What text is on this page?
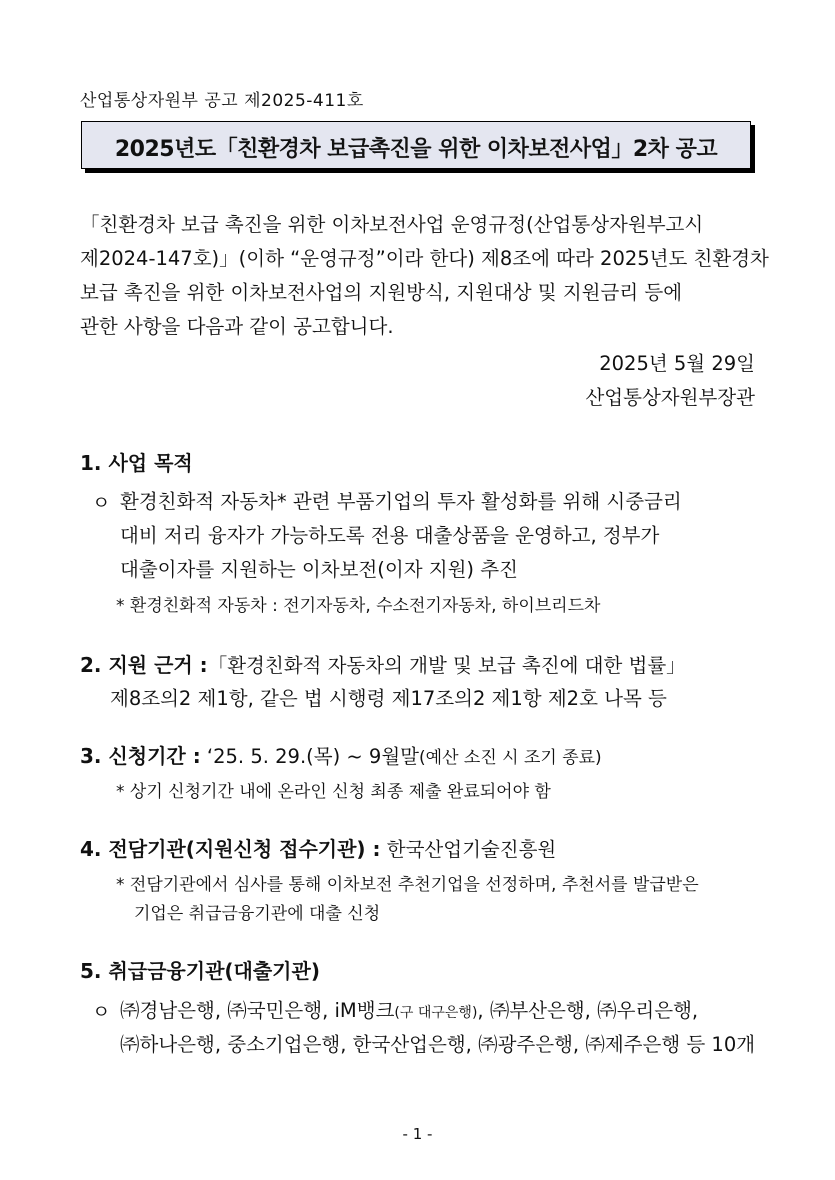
산업통상자원부 공고 제2025-411호
2025년도「친환경차 보급촉진을 위한 이차보전사업」2차 공고
「친환경차 보급 촉진을 위한 이차보전사업 운영규정(산업통상자원부고시
제2024-147호)」(이하 “운영규정”이라 한다) 제8조에 따라 2025년도 친환경차
보급 촉진을 위한 이차보전사업의 지원방식, 지원대상 및 지원금리 등에
관한 사항을 다음과 같이 공고합니다.
2025년 5월 29일
산업통상자원부장관
1. 사업 목적
ㅇ 환경친화적 자동차* 관련 부품기업의 투자 활성화를 위해 시중금리
대비 저리 융자가 가능하도록 전용 대출상품을 운영하고, 정부가
대출이자를 지원하는 이차보전(이자 지원) 추진
* 환경친화적 자동차 : 전기자동차, 수소전기자동차, 하이브리드차
2. 지원 근거 :「환경친화적 자동차의 개발 및 보급 촉진에 대한 법률」
제8조의2 제1항, 같은 법 시행령 제17조의2 제1항 제2호 나목 등
3. 신청기간 : ‘25. 5. 29.(목) ~ 9월말(예산 소진 시 조기 종료)
* 상기 신청기간 내에 온라인 신청 최종 제출 완료되어야 함
4. 전담기관(지원신청 접수기관) : 한국산업기술진흥원
* 전담기관에서 심사를 통해 이차보전 추천기업을 선정하며, 추천서를 발급받은
기업은 취급금융기관에 대출 신청
5. 취급금융기관(대출기관)
ㅇ ㈜경남은행, ㈜국민은행, iM뱅크(구 대구은행), ㈜부산은행, ㈜우리은행,
㈜하나은행, 중소기업은행, 한국산업은행, ㈜광주은행, ㈜제주은행 등 10개
- 1 -
